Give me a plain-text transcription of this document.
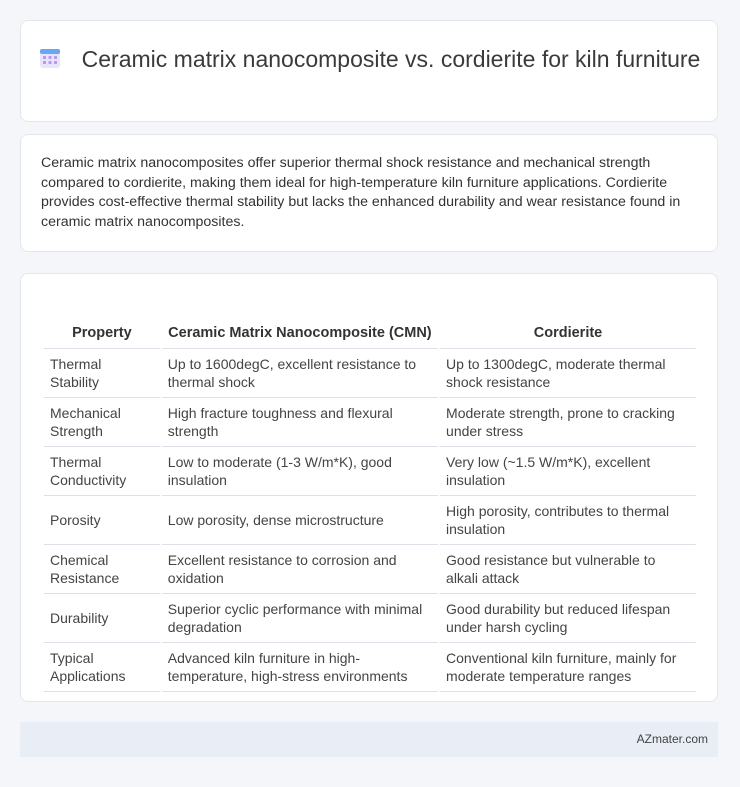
Ceramic matrix nanocomposite vs. cordierite for kiln furniture
Ceramic matrix nanocomposites offer superior thermal shock resistance and mechanical strength compared to cordierite, making them ideal for high-temperature kiln furniture applications. Cordierite provides cost-effective thermal stability but lacks the enhanced durability and wear resistance found in ceramic matrix nanocomposites.
Property	Ceramic Matrix Nanocomposite (CMN)	Cordierite
Thermal Stability	Up to 1600degC, excellent resistance to thermal shock	Up to 1300degC, moderate thermal shock resistance
Mechanical Strength	High fracture toughness and flexural strength	Moderate strength, prone to cracking under stress
Thermal Conductivity	Low to moderate (1-3 W/m*K), good insulation	Very low (~1.5 W/m*K), excellent insulation
Porosity	Low porosity, dense microstructure	High porosity, contributes to thermal insulation
Chemical Resistance	Excellent resistance to corrosion and oxidation	Good resistance but vulnerable to alkali attack
Durability	Superior cyclic performance with minimal degradation	Good durability but reduced lifespan under harsh cycling
Typical Applications	Advanced kiln furniture in high-temperature, high-stress environments	Conventional kiln furniture, mainly for moderate temperature ranges
AZmater.com
